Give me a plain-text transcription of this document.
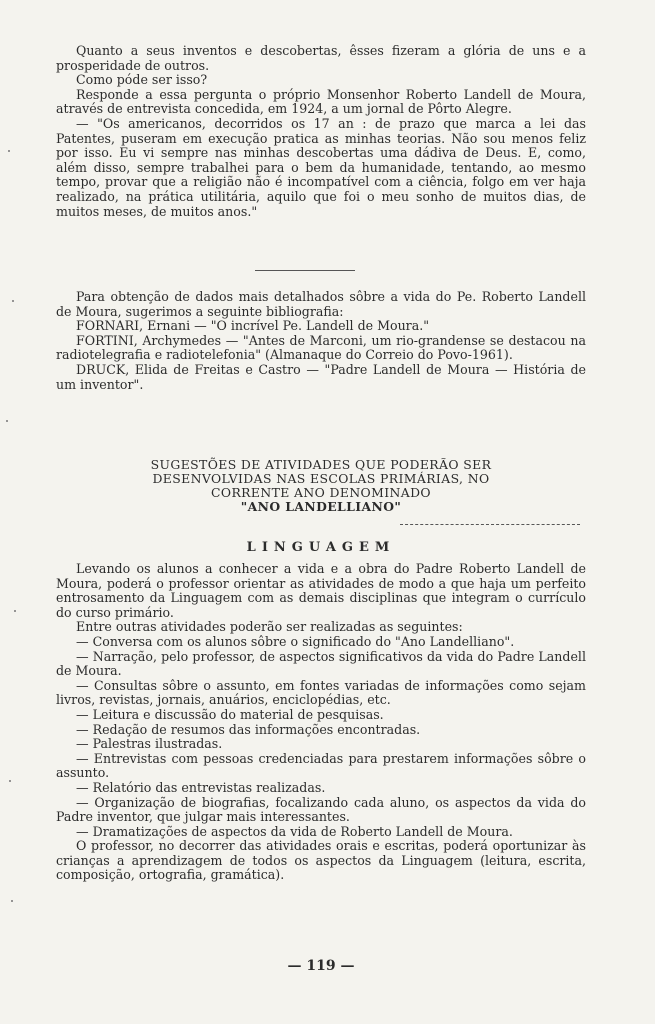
Quanto a seus inventos e descobertas, êsses fizeram a glória de uns e a prosperidade de outros.

Como póde ser isso?

Responde a essa pergunta o próprio Monsenhor Roberto Landell de Moura, através de entrevista concedida, em 1924, a um jornal de Pôrto Alegre.

— "Os americanos, decorridos os 17 an : de prazo que marca a lei das Patentes, puseram em execução pratica as minhas teorias. Não sou menos feliz por isso. Eu vi sempre nas minhas descobertas uma dádiva de Deus. E, como, além disso, sempre trabalhei para o bem da humanidade, tentando, ao mesmo tempo, provar que a religião não é incompatível com a ciência, folgo em ver haja realizado, na prática utilitária, aquilo que foi o meu sonho de muitos dias, de muitos meses, de muitos anos."

Para obtenção de dados mais detalhados sôbre a vida do Pe. Roberto Landell de Moura, sugerimos a seguinte bibliografia:

FORNARI, Ernani — "O incrível Pe. Landell de Moura."

FORTINI, Archymedes — "Antes de Marconi, um rio-grandense se destacou na radiotelegrafia e radiotelefonia" (Almanaque do Correio do Povo-1961).

DRUCK, Elida de Freitas e Castro — "Padre Landell de Moura — História de um inventor".

SUGESTÕES DE ATIVIDADES QUE PODERÃO SER
DESENVOLVIDAS NAS ESCOLAS PRIMÁRIAS, NO
CORRENTE ANO DENOMINADO
"ANO LANDELLIANO"
LINGUAGEM

Levando os alunos a conhecer a vida e a obra do Padre Roberto Landell de Moura, poderá o professor orientar as atividades de modo a que haja um perfeito entrosamento da Linguagem com as demais disciplinas que integram o currículo do curso primário.

Entre outras atividades poderão ser realizadas as seguintes:

— Conversa com os alunos sôbre o significado do "Ano Landelliano".

— Narração, pelo professor, de aspectos significativos da vida do Padre Landell de Moura.

— Consultas sôbre o assunto, em fontes variadas de informações como sejam livros, revistas, jornais, anuários, enciclopédias, etc.

— Leitura e discussão do material de pesquisas.

— Redação de resumos das informações encontradas.

— Palestras ilustradas.

— Entrevistas com pessoas credenciadas para prestarem informações sôbre o assunto.

— Relatório das entrevistas realizadas.

— Organização de biografias, focalizando cada aluno, os aspectos da vida do Padre inventor, que julgar mais interessantes.

— Dramatizações de aspectos da vida de Roberto Landell de Moura.

O professor, no decorrer das atividades orais e escritas, poderá oportunizar às crianças a aprendizagem de todos os aspectos da Linguagem (leitura, escrita, composição, ortografia, gramática).

— 119 —
